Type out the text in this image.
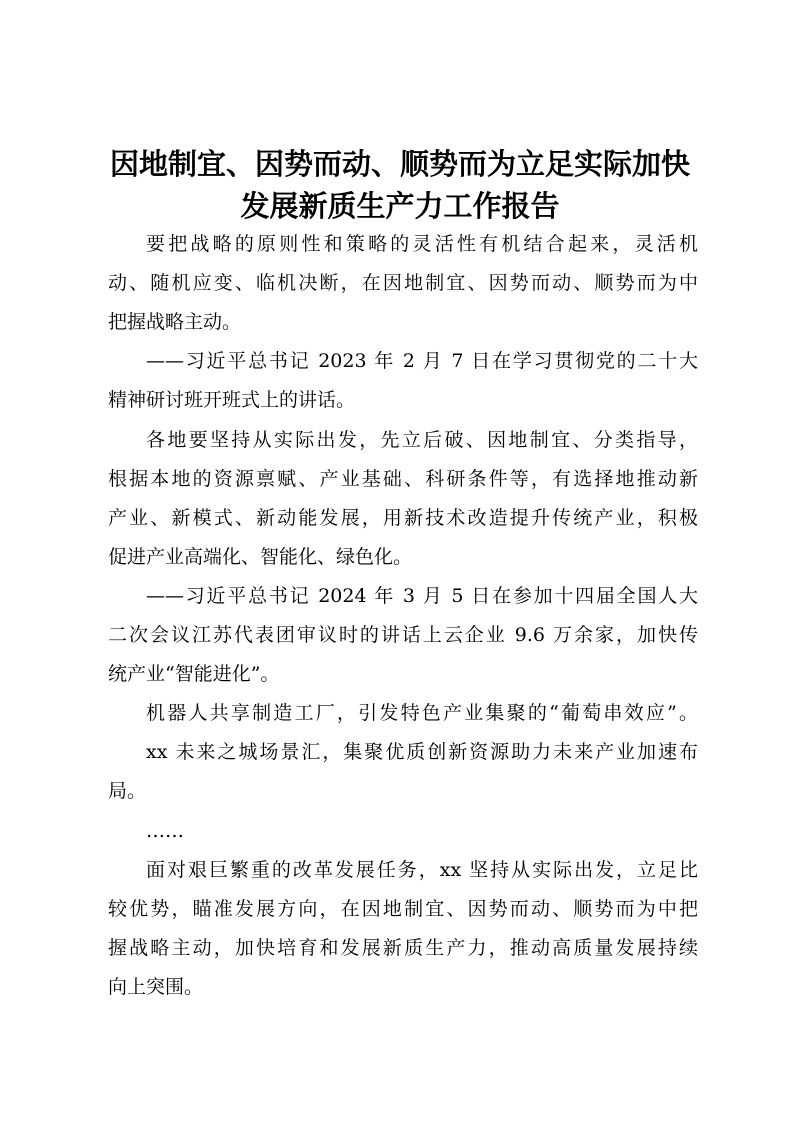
因地制宜、因势而动、顺势而为立足实际加快
发展新质生产力工作报告
要把战略的原则性和策略的灵活性有机结合起来，灵活机
动、随机应变、临机决断，在因地制宜、因势而动、顺势而为中
把握战略主动。
——习近平总书记 2023 年 2 月 7 日在学习贯彻党的二十大
精神研讨班开班式上的讲话。
各地要坚持从实际出发，先立后破、因地制宜、分类指导，
根据本地的资源禀赋、产业基础、科研条件等，有选择地推动新
产业、新模式、新动能发展，用新技术改造提升传统产业，积极
促进产业高端化、智能化、绿色化。
——习近平总书记 2024 年 3 月 5 日在参加十四届全国人大
二次会议江苏代表团审议时的讲话上云企业 9.6 万余家，加快传
统产业“智能进化”。
机器人共享制造工厂，引发特色产业集聚的“葡萄串效应”。
xx 未来之城场景汇，集聚优质创新资源助力未来产业加速布
局。
……
面对艰巨繁重的改革发展任务，xx 坚持从实际出发，立足比
较优势，瞄准发展方向，在因地制宜、因势而动、顺势而为中把
握战略主动，加快培育和发展新质生产力，推动高质量发展持续
向上突围。
